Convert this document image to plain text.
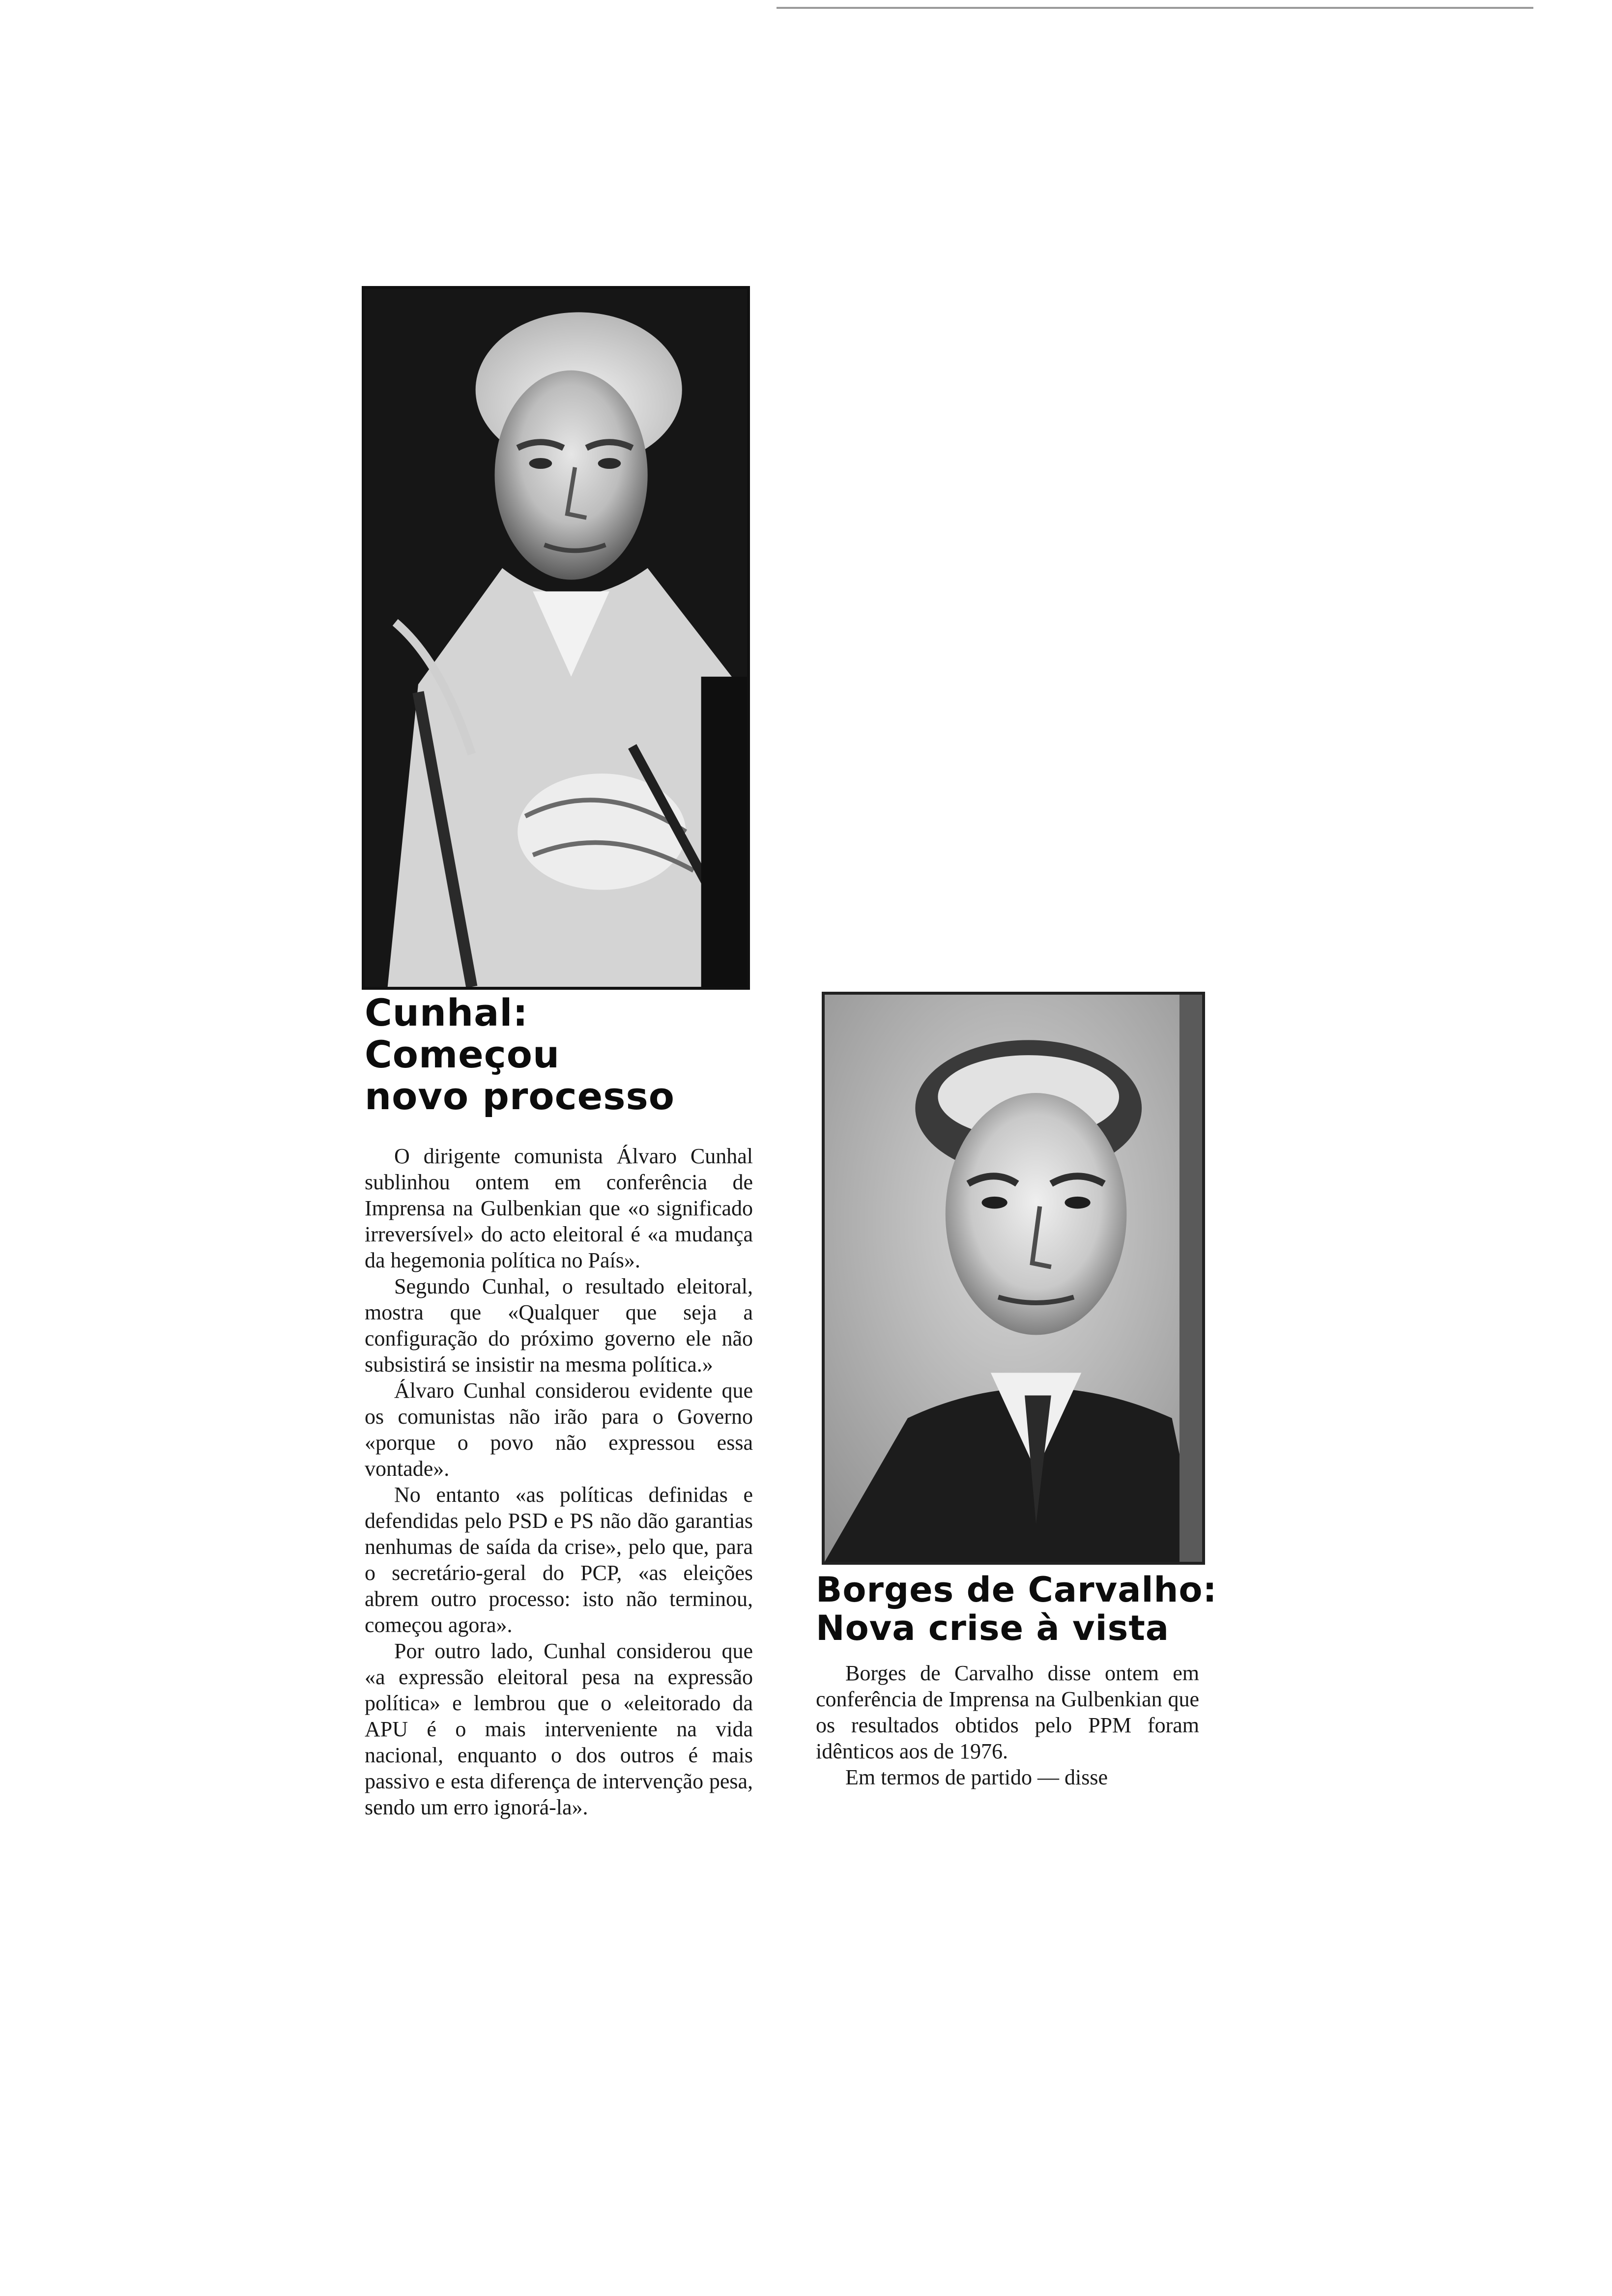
Cunhal:
Começou
novo processo

O dirigente comunista Álvaro Cunhal sublinhou ontem em conferência de Imprensa na Gulbenkian que «o significado irreversível» do acto eleitoral é «a mudança da hegemonia política no País».

Segundo Cunhal, o resultado eleitoral, mostra que «Qualquer que seja a configuração do próximo governo ele não subsistirá se insistir na mesma política.»

Álvaro Cunhal considerou evidente que os comunistas não irão para o Governo «porque o povo não expressou essa vontade».

No entanto «as políticas definidas e defendidas pelo PSD e PS não dão garantias nenhumas de saída da crise», pelo que, para o secretário-geral do PCP, «as eleições abrem outro processo: isto não terminou, começou agora».

Por outro lado, Cunhal considerou que «a expressão eleitoral pesa na expressão política» e lembrou que o «eleitorado da APU é o mais interveniente na vida nacional, enquanto o dos outros é mais passivo e esta diferença de intervenção pesa, sendo um erro ignorá-la».

Borges de Carvalho:
Nova crise à vista

Borges de Carvalho disse ontem em conferência de Imprensa na Gulbenkian que os resultados obtidos pelo PPM foram idênticos aos de 1976.

Em termos de partido — disse
